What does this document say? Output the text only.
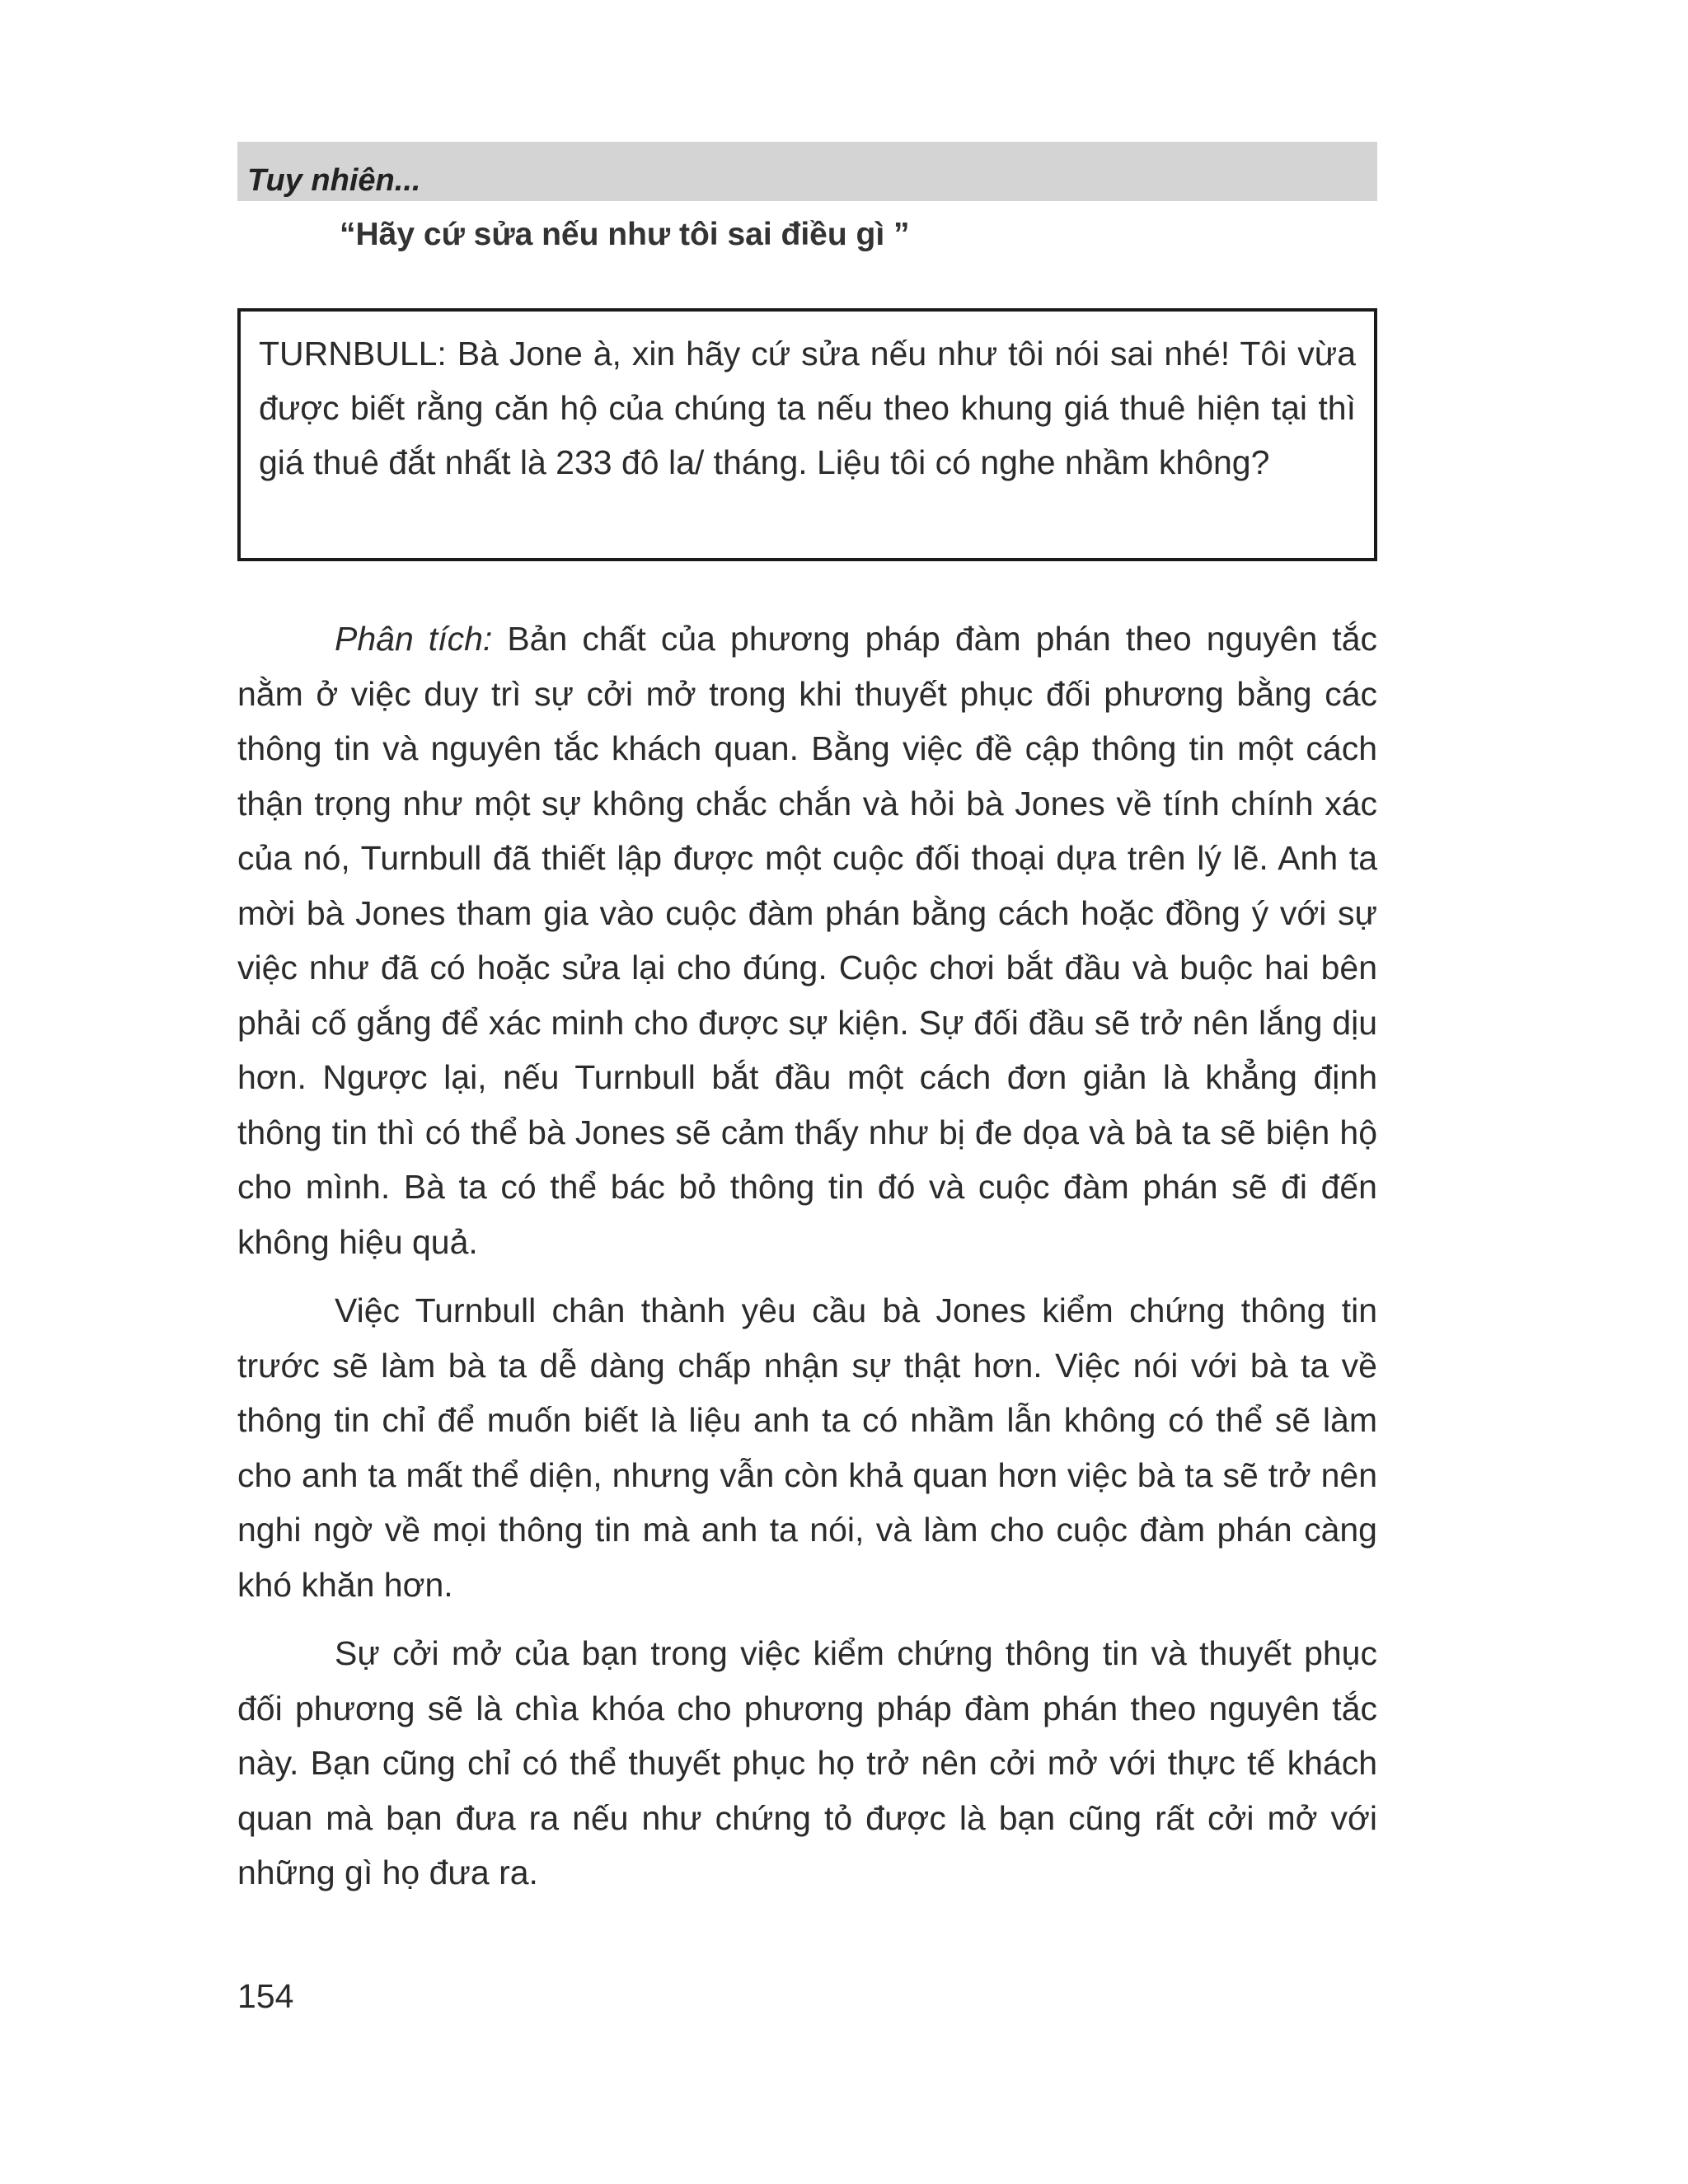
Tuy nhiên...
“Hãy cứ sửa nếu như tôi sai điều gì ”

TURNBULL: Bà Jone à, xin hãy cứ sửa nếu như tôi nói sai nhé! Tôi vừa được biết rằng căn hộ của chúng ta nếu theo khung giá thuê hiện tại thì giá thuê đắt nhất là 233 đô la/ tháng. Liệu tôi có nghe nhầm không?

Phân tích: Bản chất của phương pháp đàm phán theo nguyên tắc nằm ở việc duy trì sự cởi mở trong khi thuyết phục đối phương bằng các thông tin và nguyên tắc khách quan. Bằng việc đề cập thông tin một cách thận trọng như một sự không chắc chắn và hỏi bà Jones về tính chính xác của nó, Turnbull đã thiết lập được một cuộc đối thoại dựa trên lý lẽ. Anh ta mời bà Jones tham gia vào cuộc đàm phán bằng cách hoặc đồng ý với sự việc như đã có hoặc sửa lại cho đúng. Cuộc chơi bắt đầu và buộc hai bên phải cố gắng để xác minh cho được sự kiện. Sự đối đầu sẽ trở nên lắng dịu hơn. Ngược lại, nếu Turnbull bắt đầu một cách đơn giản là khẳng định thông tin thì có thể bà Jones sẽ cảm thấy như bị đe dọa và bà ta sẽ biện hộ cho mình. Bà ta có thể bác bỏ thông tin đó và cuộc đàm phán sẽ đi đến không hiệu quả.

Việc Turnbull chân thành yêu cầu bà Jones kiểm chứng thông tin trước sẽ làm bà ta dễ dàng chấp nhận sự thật hơn. Việc nói với bà ta về thông tin chỉ để muốn biết là liệu anh ta có nhầm lẫn không có thể sẽ làm cho anh ta mất thể diện, nhưng vẫn còn khả quan hơn việc bà ta sẽ trở nên nghi ngờ về mọi thông tin mà anh ta nói, và làm cho cuộc đàm phán càng khó khăn hơn.

Sự cởi mở của bạn trong việc kiểm chứng thông tin và thuyết phục đối phương sẽ là chìa khóa cho phương pháp đàm phán theo nguyên tắc này. Bạn cũng chỉ có thể thuyết phục họ trở nên cởi mở với thực tế khách quan mà bạn đưa ra nếu như chứng tỏ được là bạn cũng rất cởi mở với những gì họ đưa ra.

154
